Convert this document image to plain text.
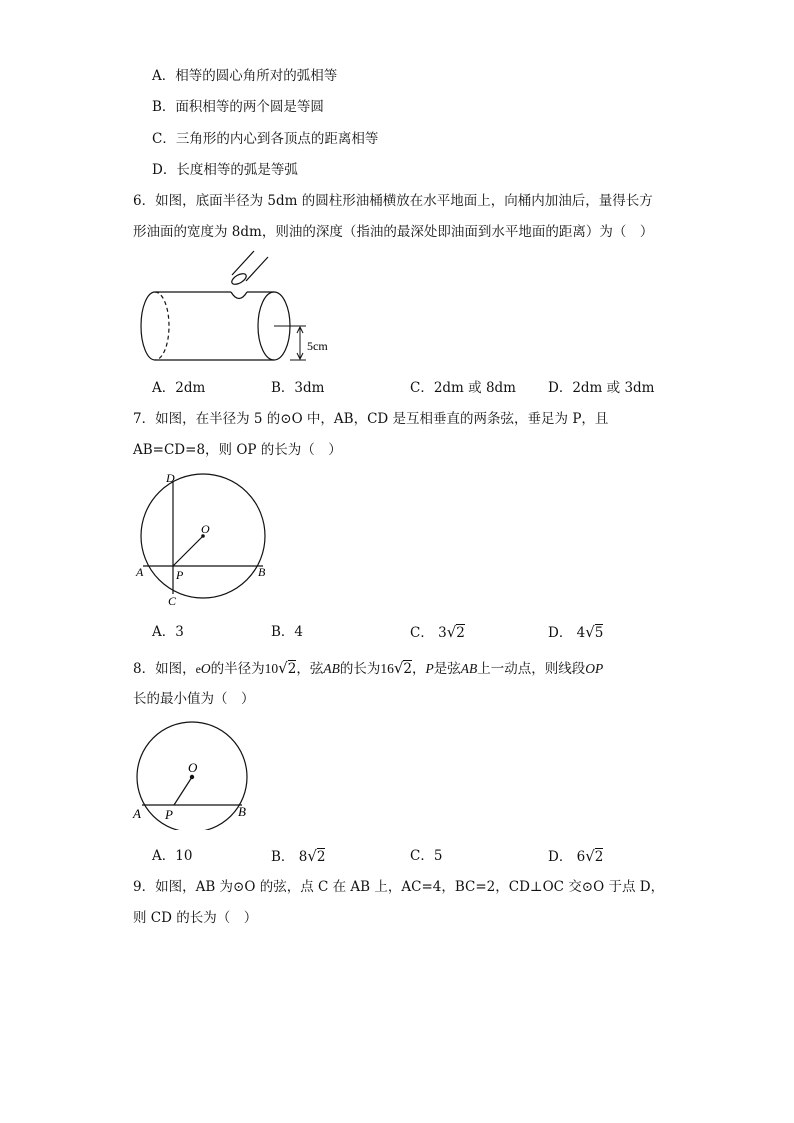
A．相等的圆心角所对的弧相等
B．面积相等的两个圆是等圆
C．三角形的内心到各顶点的距离相等
D．长度相等的弧是等弧
6．如图，底面半径为 5dm 的圆柱形油桶横放在水平地面上，向桶内加油后，量得长方
形油面的宽度为 8dm，则油的深度（指油的最深处即油面到水平地面的距离）为（　）
5cm
A．2dm	B．3dm	C．2dm 或 8dm D．2dm 或 3dm
7．如图，在半径为 5 的⊙O 中，AB，CD 是互相垂直的两条弦，垂足为 P，且
AB=CD=8，则 OP 的长为（　）
D
O
A	P	B
C
A．3	B．4	C． 3√2	D． 4√5
8．如图，eO的半径为10√2，弦AB的长为16√2，P是弦AB上一动点，则线段OP
长的最小值为（　）
O
A P	B
A．10	B． 8√2	C．5	D． 6√2
9．如图，AB 为⊙O 的弦，点 C 在 AB 上，AC=4，BC=2，CD⊥OC 交⊙O 于点 D，
则 CD 的长为（　）
